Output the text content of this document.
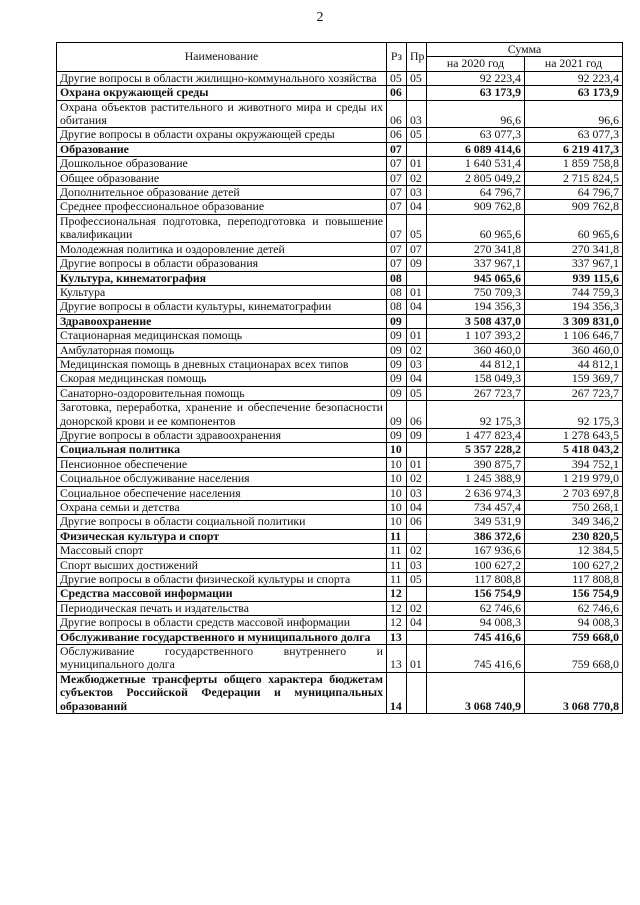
2
Наименование	Рз	Пр	Сумма	
			на 2020 год	на 2021 год
Другие вопросы в области жилищно-коммунального хозяйства	05	05	92 223,4	92 223,4
Охрана окружающей среды	06		63 173,9	63 173,9
Охрана объектов растительного и животного мира и среды их обитания	06	03	96,6	96,6
Другие вопросы в области охраны окружающей среды	06	05	63 077,3	63 077,3
Образование	07		6 089 414,6	6 219 417,3
Дошкольное образование	07	01	1 640 531,4	1 859 758,8
Общее образование	07	02	2 805 049,2	2 715 824,5
Дополнительное образование детей	07	03	64 796,7	64 796,7
Среднее профессиональное образование	07	04	909 762,8	909 762,8
Профессиональная подготовка, переподготовка и повышение квалификации	07	05	60 965,6	60 965,6
Молодежная политика и оздоровление детей	07	07	270 341,8	270 341,8
Другие вопросы в области образования	07	09	337 967,1	337 967,1
Культура, кинематография	08		945 065,6	939 115,6
Культура	08	01	750 709,3	744 759,3
Другие вопросы в области культуры, кинематографии	08	04	194 356,3	194 356,3
Здравоохранение	09		3 508 437,0	3 309 831,0
Стационарная медицинская помощь	09	01	1 107 393,2	1 106 646,7
Амбулаторная помощь	09	02	360 460,0	360 460,0
Медицинская помощь в дневных стационарах всех типов	09	03	44 812,1	44 812,1
Скорая медицинская помощь	09	04	158 049,3	159 369,7
Санаторно-оздоровительная помощь	09	05	267 723,7	267 723,7
Заготовка, переработка, хранение и обеспечение безопасности донорской крови и ее компонентов	09	06	92 175,3	92 175,3
Другие вопросы в области здравоохранения	09	09	1 477 823,4	1 278 643,5
Социальная политика	10		5 357 228,2	5 418 043,2
Пенсионное обеспечение	10	01	390 875,7	394 752,1
Социальное обслуживание населения	10	02	1 245 388,9	1 219 979,0
Социальное обеспечение населения	10	03	2 636 974,3	2 703 697,8
Охрана семьи и детства	10	04	734 457,4	750 268,1
Другие вопросы в области социальной политики	10	06	349 531,9	349 346,2
Физическая культура и спорт	11		386 372,6	230 820,5
Массовый спорт	11	02	167 936,6	12 384,5
Спорт высших достижений	11	03	100 627,2	100 627,2
Другие вопросы в области физической культуры и спорта	11	05	117 808,8	117 808,8
Средства массовой информации	12		156 754,9	156 754,9
Периодическая печать и издательства	12	02	62 746,6	62 746,6
Другие вопросы в области средств массовой информации	12	04	94 008,3	94 008,3
Обслуживание государственного и муниципального долга	13		745 416,6	759 668,0
Обслуживание государственного внутреннего и муниципального долга	13	01	745 416,6	759 668,0
Межбюджетные трансферты общего характера бюджетам субъектов Российской Федерации и муниципальных образований	14		3 068 740,9	3 068 770,8
